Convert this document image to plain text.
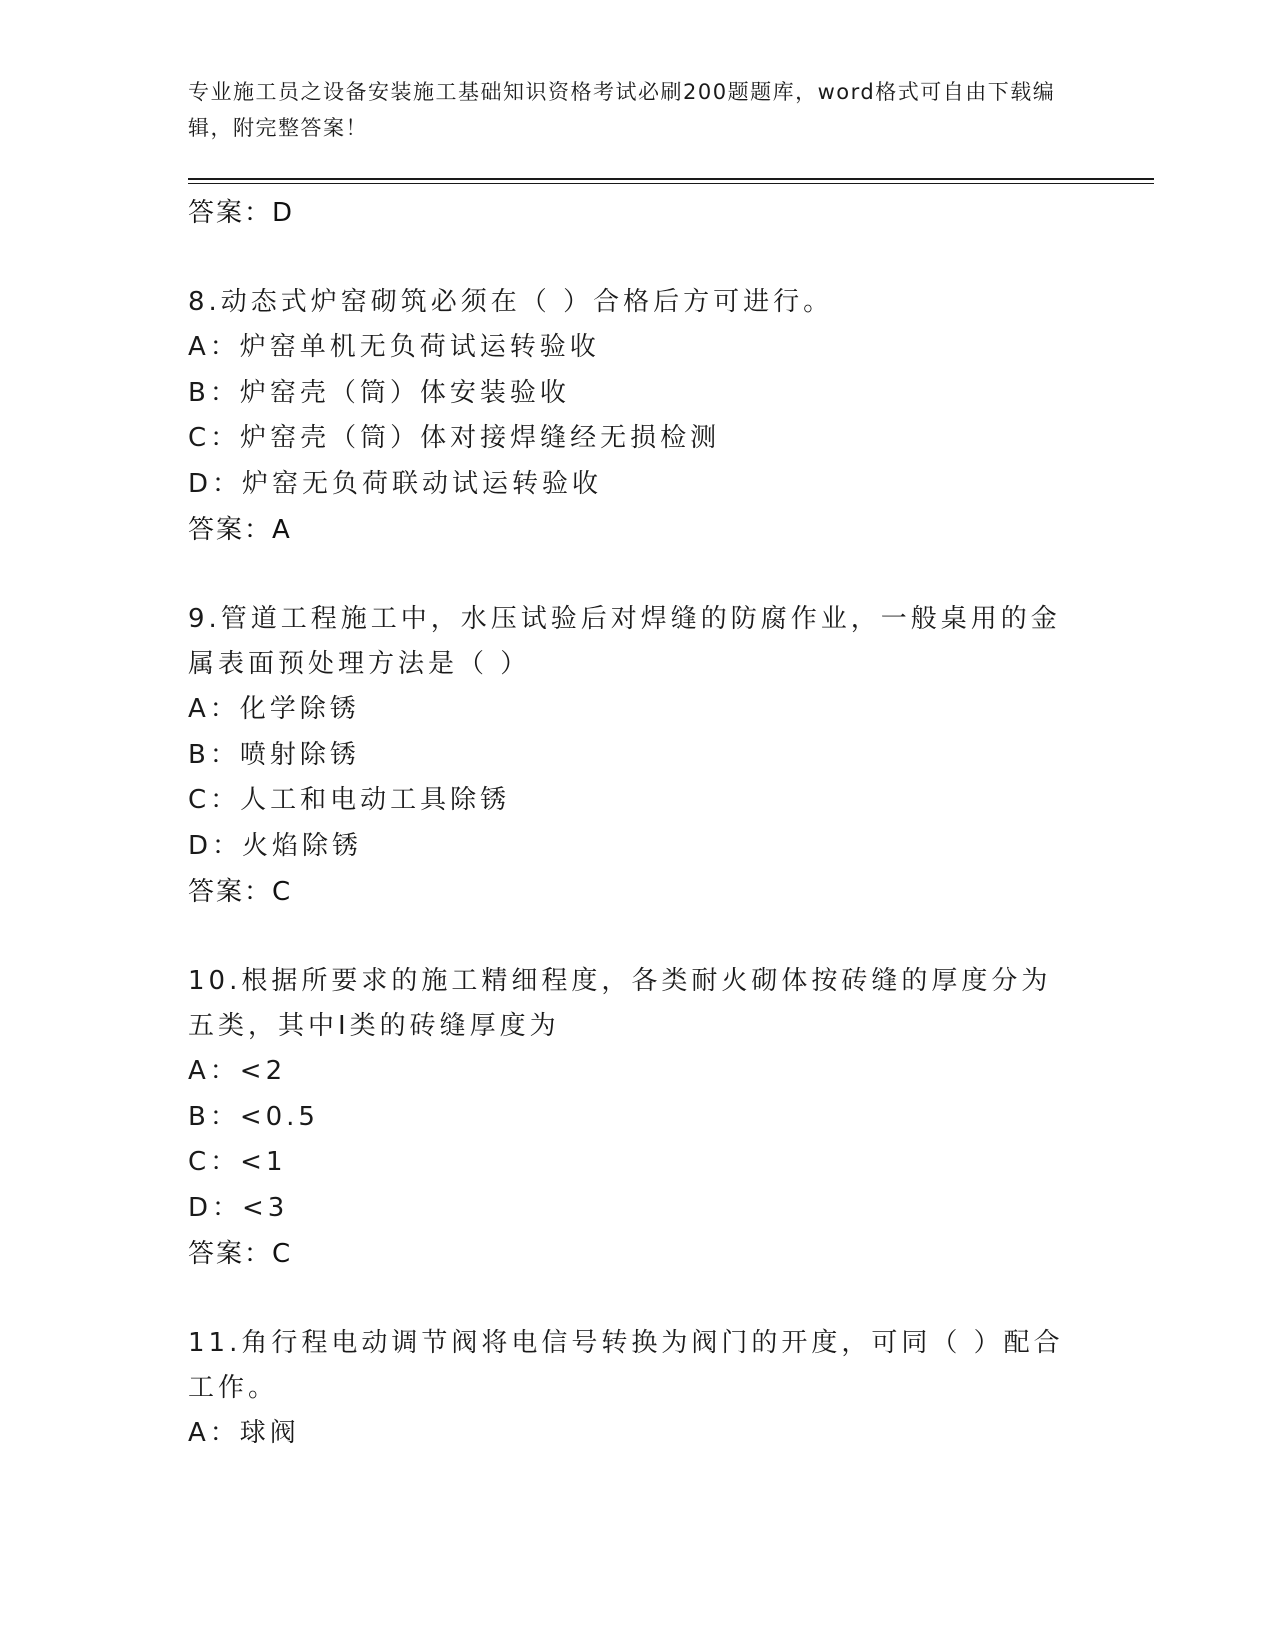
专业施工员之设备安装施工基础知识资格考试必刷200题题库，word格式可自由下载编辑，附完整答案！
答案：D
8.动态式炉窑砌筑必须在（ ）合格后方可进行。
A：炉窑单机无负荷试运转验收
B：炉窑壳（筒）体安装验收
C：炉窑壳（筒）体对接焊缝经无损检测
D：炉窑无负荷联动试运转验收
答案：A
9.管道工程施工中，水压试验后对焊缝的防腐作业，一般桌用的金属表面预处理方法是（ ）
A：化学除锈
B：喷射除锈
C：人工和电动工具除锈
D：火焰除锈
答案：C
10.根据所要求的施工精细程度，各类耐火砌体按砖缝的厚度分为五类，其中Ⅰ类的砖缝厚度为
A：<2
B：<0.5
C：<1
D：<3
答案：C
11.角行程电动调节阀将电信号转换为阀门的开度，可同（ ）配合工作。
A：球阀
